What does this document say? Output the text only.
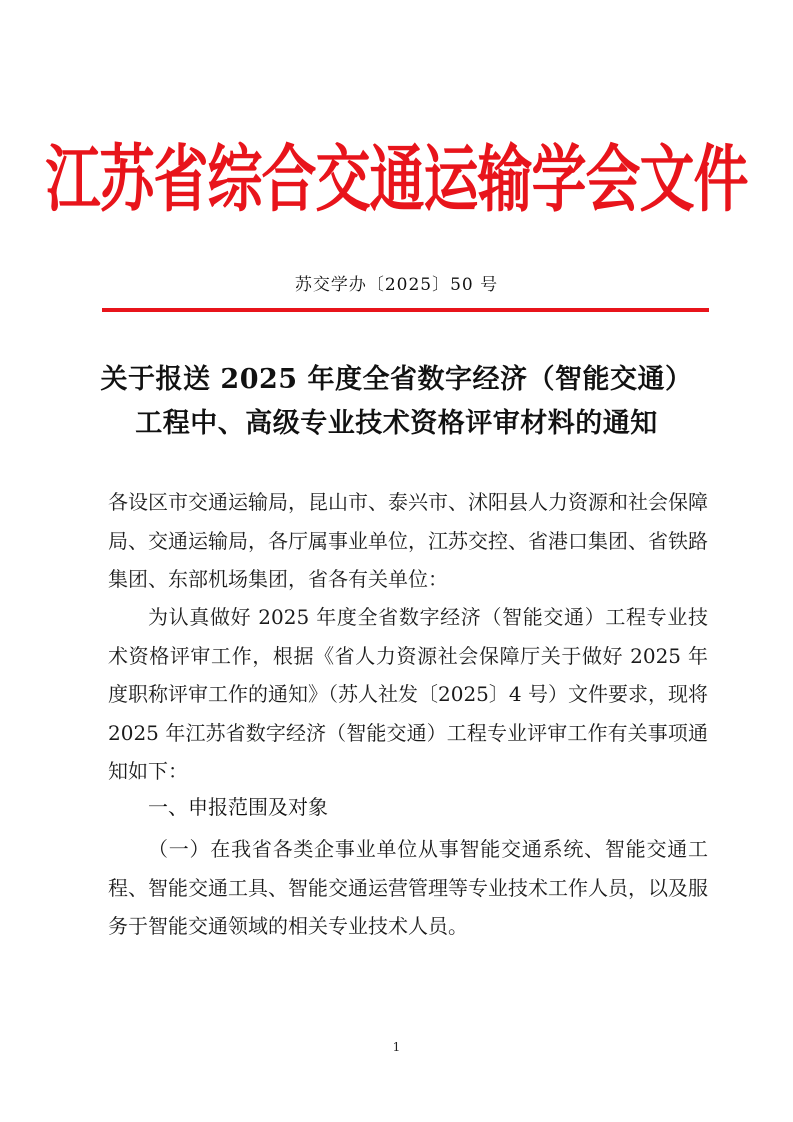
江苏省综合交通运输学会文件
苏交学办〔2025〕50 号
关于报送 2025 年度全省数字经济（智能交通）
工程中、高级专业技术资格评审材料的通知
各设区市交通运输局，昆山市、泰兴市、沭阳县人力资源和社会保障局、交通运输局，各厅属事业单位，江苏交控、省港口集团、省铁路集团、东部机场集团，省各有关单位：
为认真做好 2025 年度全省数字经济（智能交通）工程专业技术资格评审工作，根据《省人力资源社会保障厅关于做好 2025 年度职称评审工作的通知》（苏人社发〔2025〕4 号）文件要求，现将 2025 年江苏省数字经济（智能交通）工程专业评审工作有关事项通知如下：
一、申报范围及对象
（一）在我省各类企事业单位从事智能交通系统、智能交通工程、智能交通工具、智能交通运营管理等专业技术工作人员，以及服务于智能交通领域的相关专业技术人员。
1
